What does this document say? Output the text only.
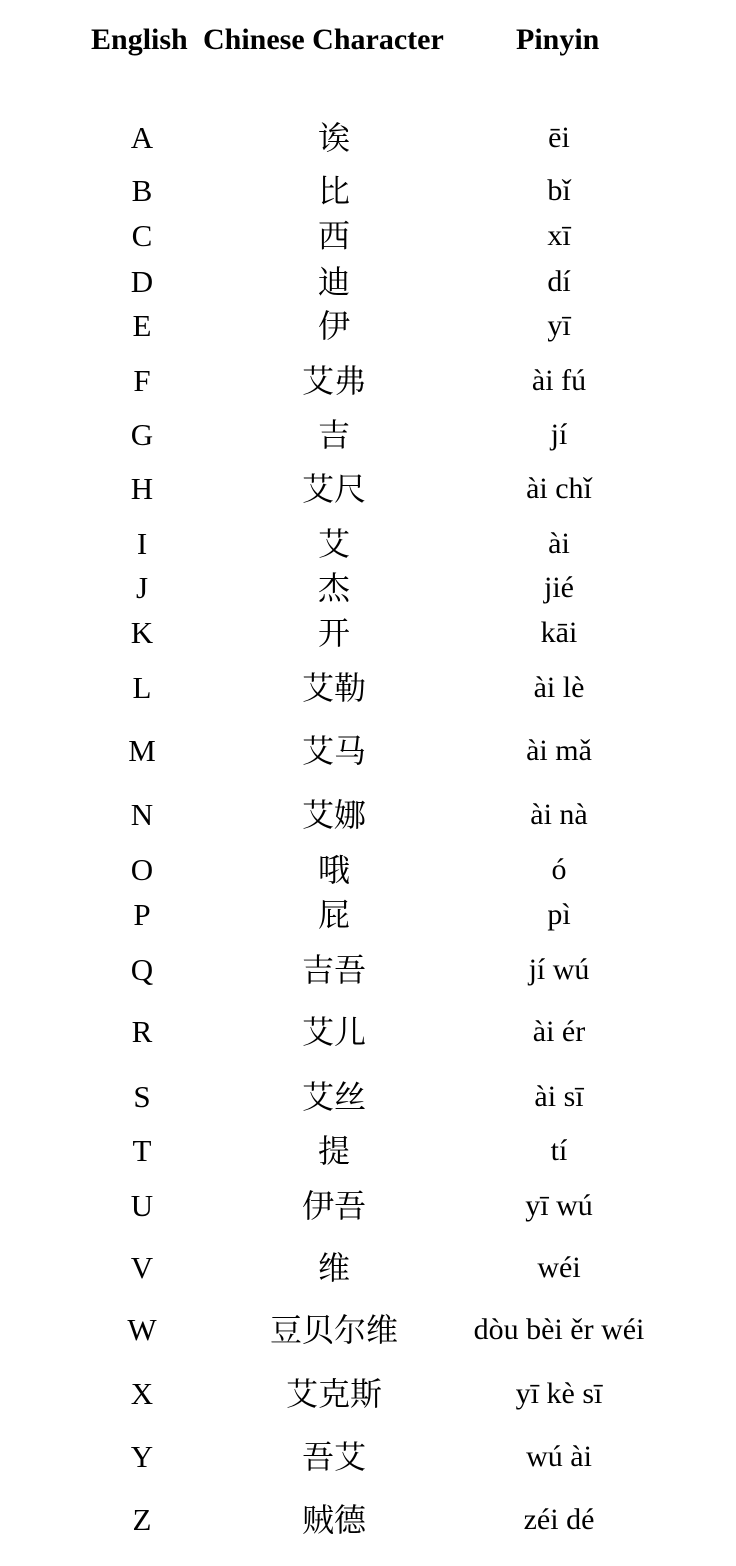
English Chinese Character Pinyin
A	诶	ēi
B	比	bǐ
C	西	xī
D	迪	dí
E	伊	yī
F	艾弗	ài fú
G	吉	jí
H	艾尺	ài chǐ
I	艾	ài
J	杰	jié
K	开	kāi
L	艾勒	ài lè
M	艾马	ài mǎ
N	艾娜	ài nà
O	哦	ó
P	屁	pì
Q	吉吾	jí wú
R	艾儿	ài ér
S	艾丝	ài sī
T	提	tí
U	伊吾	yī wú
V	维	wéi
W	豆贝尔维	dòu bèi ěr wéi
X	艾克斯	yī kè sī
Y	吾艾	wú ài
Z	贼德	zéi dé
